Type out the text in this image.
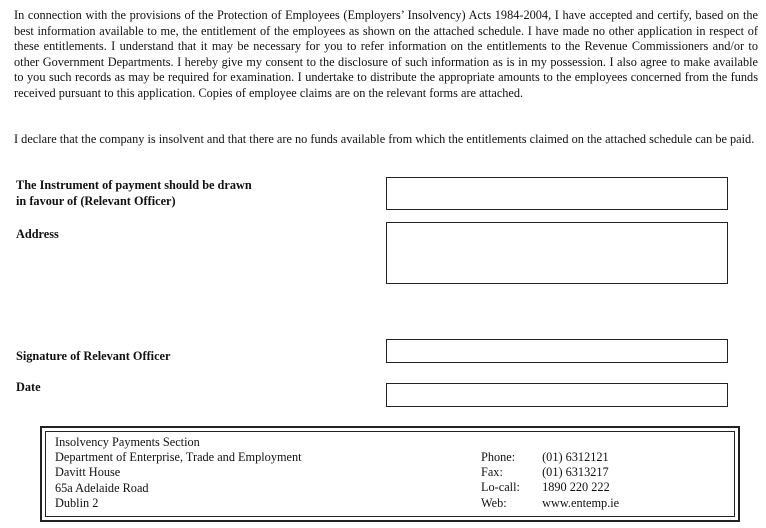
In connection with the provisions of the Protection of Employees (Employers’ Insolvency) Acts 1984-2004, I have accepted and certify, based on the best information available to me, the entitlement of the employees as shown on the attached schedule. I have made no other application in respect of these entitlements. I understand that it may be necessary for you to refer information on the entitlements to the Revenue Commissioners and/or to other Government Departments. I hereby give my consent to the disclosure of such information as is in my possession. I also agree to make available to you such records as may be required for examination. I undertake to distribute the appropriate amounts to the employees concerned from the funds received pursuant to this application. Copies of employee claims are on the relevant forms are attached.

I declare that the company is insolvent and that there are no funds available from which the entitlements claimed on the attached schedule can be paid.

The Instrument of payment should be drawn
in favour of (Relevant Officer)
Address
Signature of Relevant Officer
Date
Insolvency Payments Section
Department of Enterprise, Trade and Employment
Davitt House
65a Adelaide Road
Dublin 2
Phone: (01) 6312121
Fax:	(01) 6313217
Lo-call: 1890 220 222
Web:	www.entemp.ie
